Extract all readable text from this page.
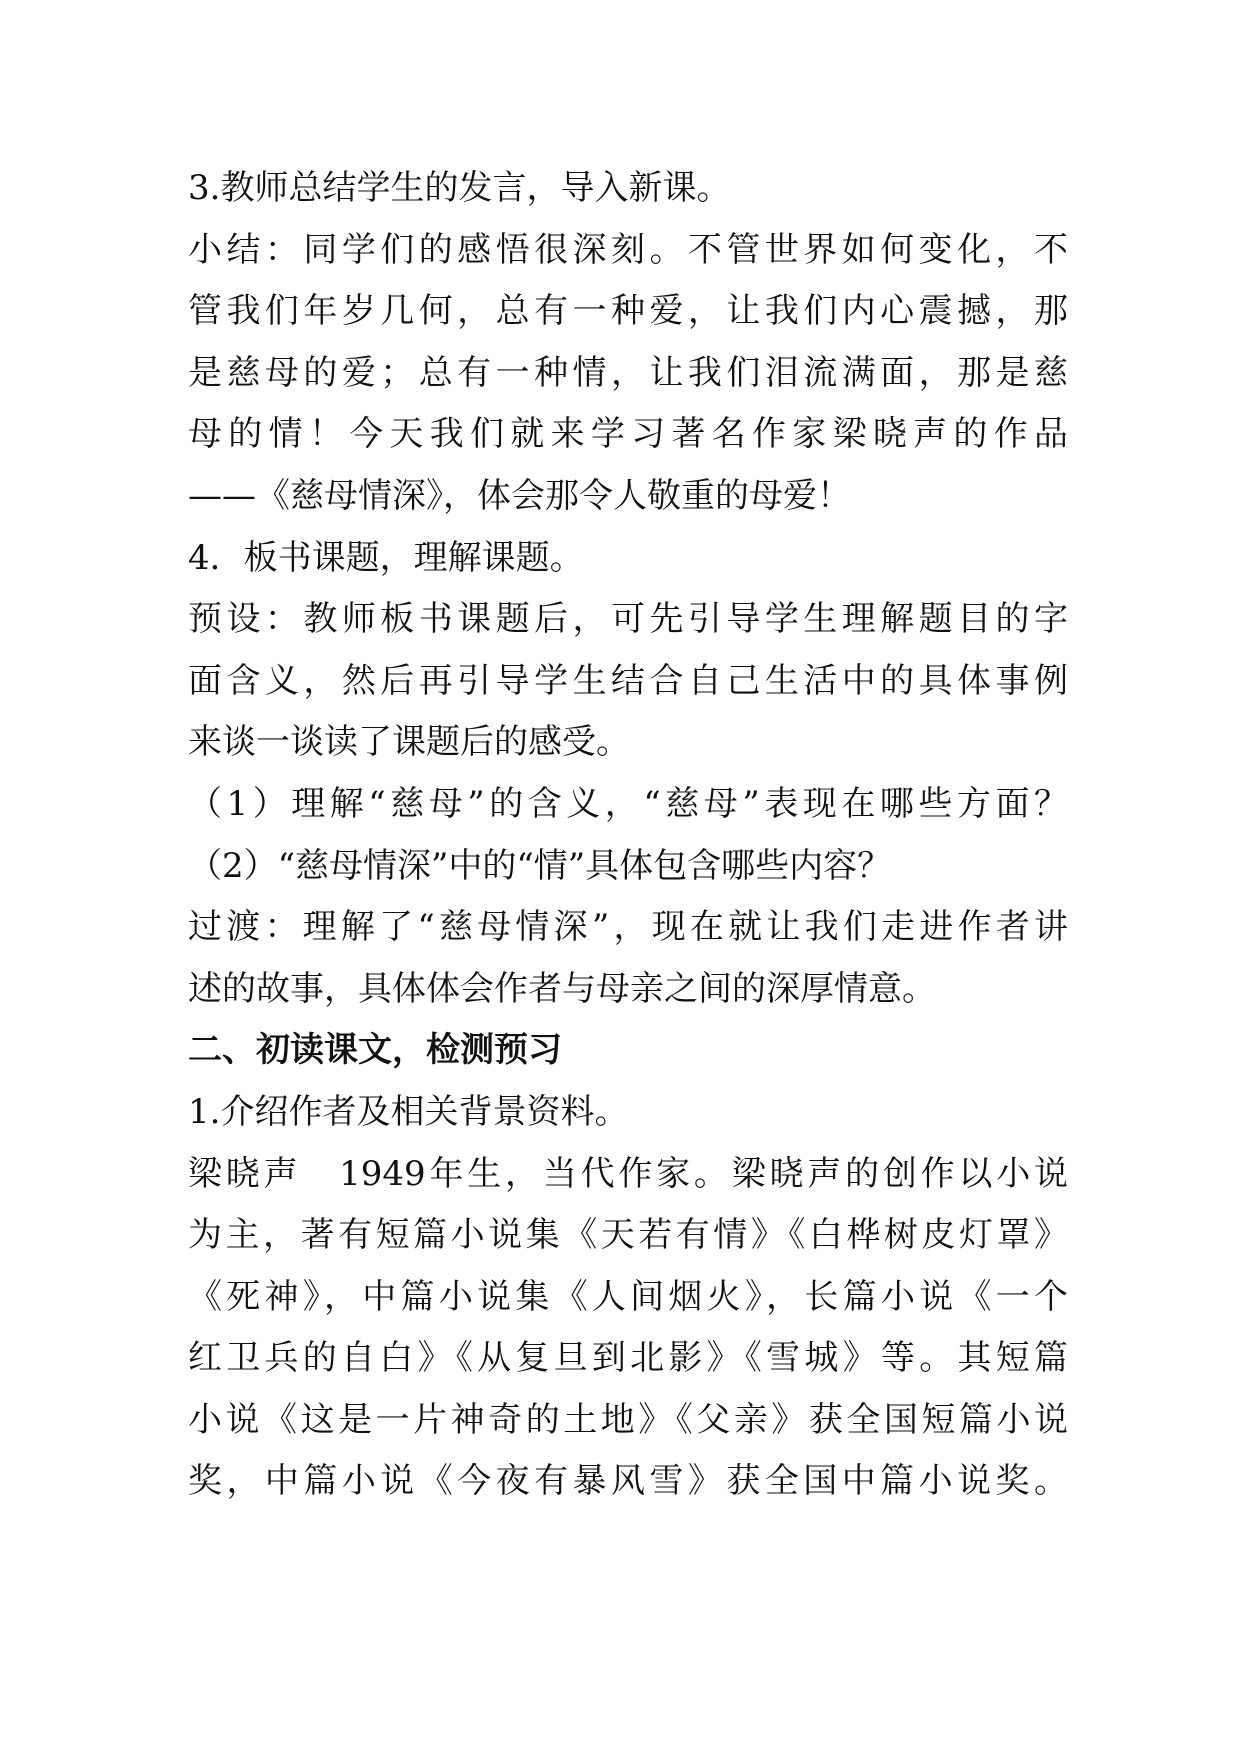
3.教师总结学生的发言，导入新课。
小结：同学们的感悟很深刻。不管世界如何变化，不
管我们年岁几何，总有一种爱，让我们内心震撼，那
是慈母的爱；总有一种情，让我们泪流满面，那是慈
母的情！今天我们就来学习著名作家梁晓声的作品
——《慈母情深》，体会那令人敬重的母爱！
4．板书课题，理解课题。
预设：教师板书课题后，可先引导学生理解题目的字
面含义，然后再引导学生结合自己生活中的具体事例
来谈一谈读了课题后的感受。
（1）理解“慈母”的含义，“慈母”表现在哪些方面？
（2）“慈母情深”中的“情”具体包含哪些内容？
过渡：理解了“慈母情深”，现在就让我们走进作者讲
述的故事，具体体会作者与母亲之间的深厚情意。
二、初读课文，检测预习
1.介绍作者及相关背景资料。
梁晓声　1949年生，当代作家。梁晓声的创作以小说
为主，著有短篇小说集《天若有情》《白桦树皮灯罩》
《死神》，中篇小说集《人间烟火》，长篇小说《一个
红卫兵的自白》《从复旦到北影》《雪城》等。其短篇
小说《这是一片神奇的土地》《父亲》获全国短篇小说
奖，中篇小说《今夜有暴风雪》获全国中篇小说奖。
